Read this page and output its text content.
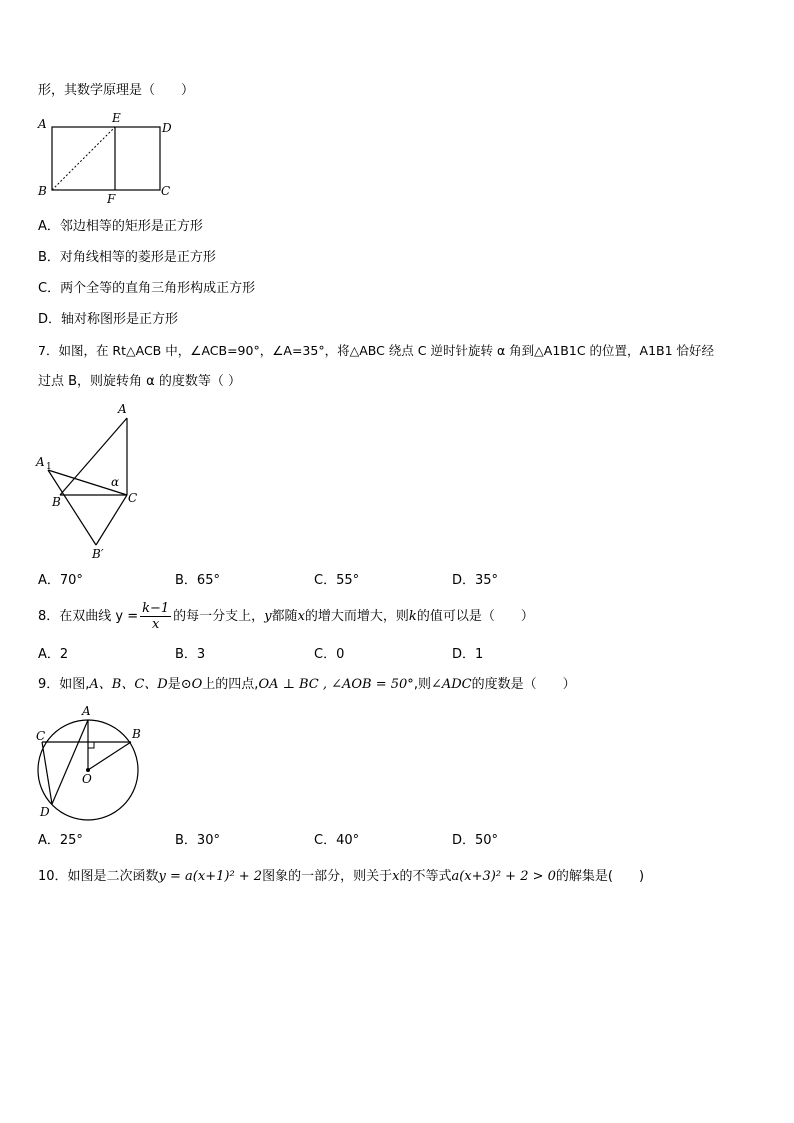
形，其数学原理是（　　）
A	E
D
B
F
C
A．邻边相等的矩形是正方形
B．对角线相等的菱形是正方形
C．两个全等的直角三角形构成正方形
D．轴对称图形是正方形
7．如图，在 Rt△ACB 中，∠ACB=90°，∠A=35°，将△ABC 绕点 C 逆时针旋转 α 角到△A1B1C 的位置，A1B1 恰好经
过点 B，则旋转角 α 的度数等（ ）
A
A 1
B	C
α
B′
A．70°	B．65°	C．55°	D．35°
8．在双曲线 $y = \frac{k-1}{x}$ 的每一分支上，y都随x的增大而增大，则k的值可以是（　　）
A．2	B．3	C．0	D．1
9．如图,A、B、C、D是⊙O上的四点,OA ⊥ BC , ∠AOB = 50°,则∠ADC的度数是（　　）
A
B
C
D
O
A．25°	B．30°	C．40°	D．50°
10．如图是二次函数y = a(x+1)² + 2图象的一部分，则关于x的不等式a(x+3)² + 2 > 0的解集是(　　)
